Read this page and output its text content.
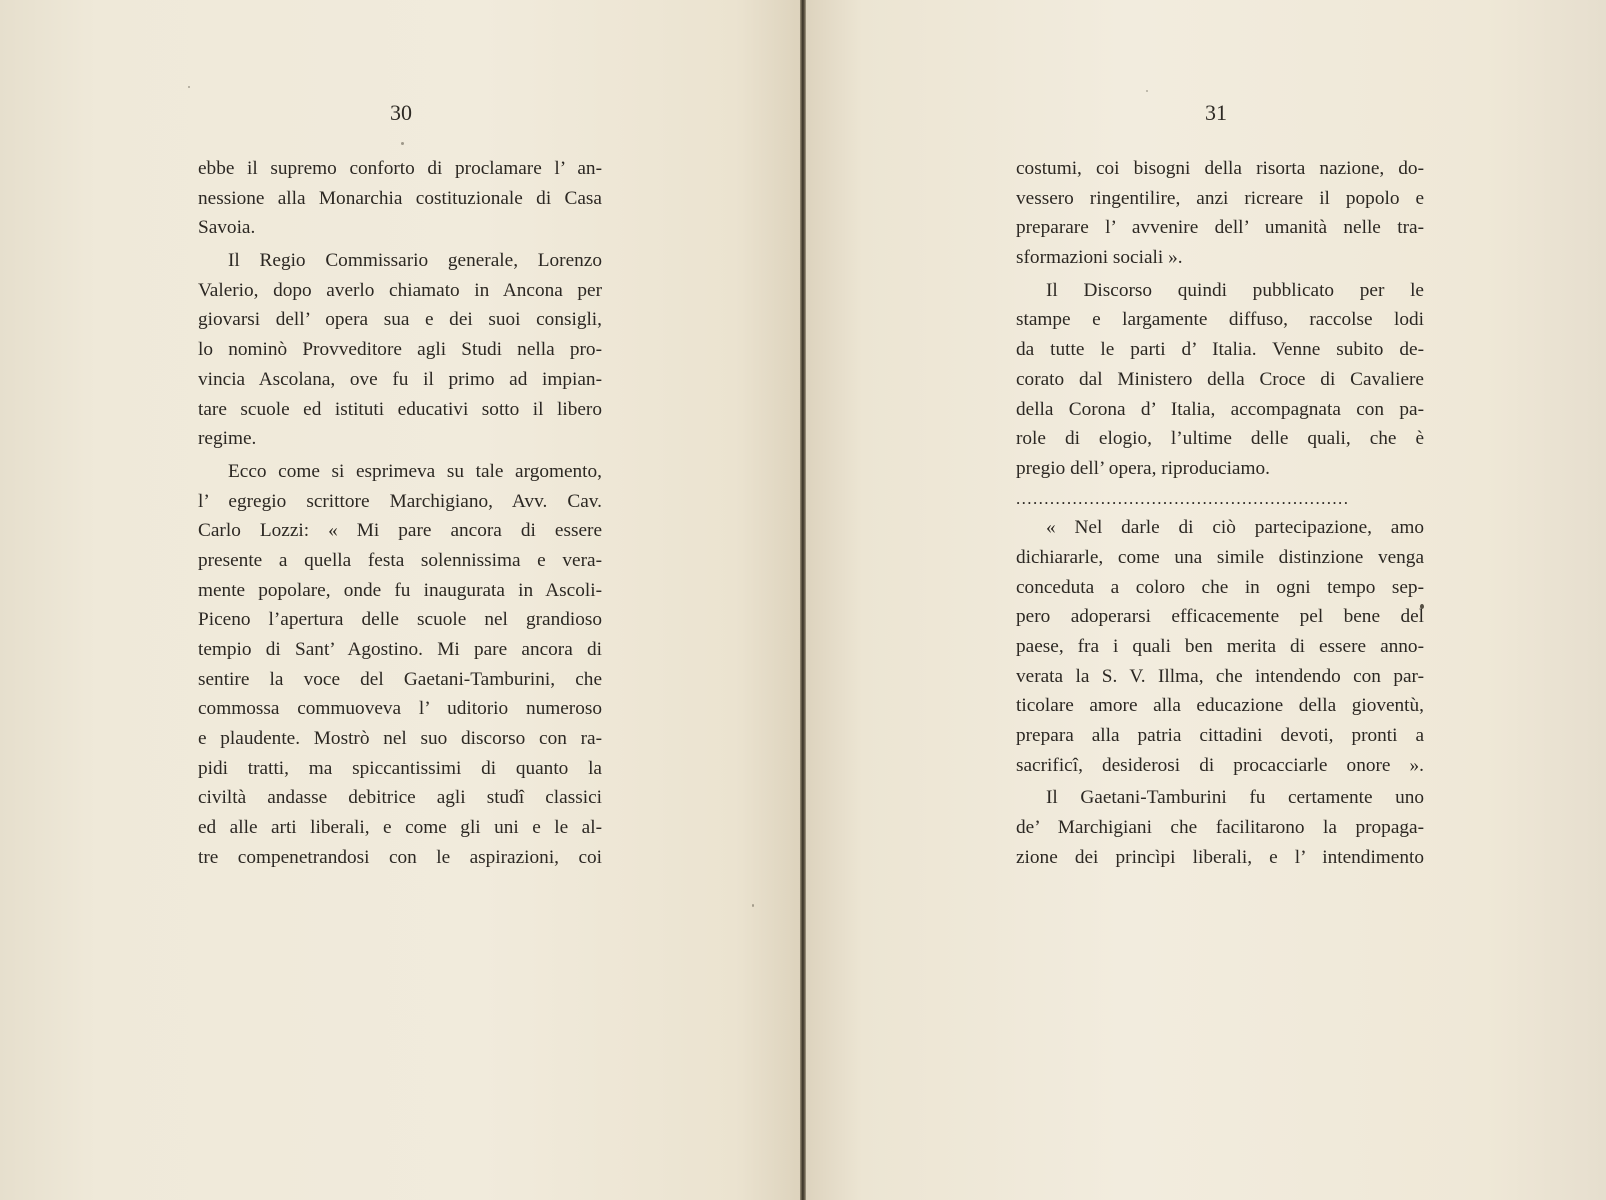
30
ebbe il supremo conforto di proclamare l’ an-
nessione alla Monarchia costituzionale di Casa
Savoia.
Il Regio Commissario generale, Lorenzo
Valerio, dopo averlo chiamato in Ancona per
giovarsi dell’ opera sua e dei suoi consigli,
lo nominò Provveditore agli Studi nella pro-
vincia Ascolana, ove fu il primo ad impian-
tare scuole ed istituti educativi sotto il libero
regime.
Ecco come si esprimeva su tale argomento,
l’ egregio scrittore Marchigiano, Avv. Cav.
Carlo Lozzi: « Mi pare ancora di essere
presente a quella festa solennissima e vera-
mente popolare, onde fu inaugurata in Ascoli-
Piceno l’apertura delle scuole nel grandioso
tempio di Sant’ Agostino. Mi pare ancora di
sentire la voce del Gaetani-Tamburini, che
commossa commuoveva l’ uditorio numeroso
e plaudente. Mostrò nel suo discorso con ra-
pidi tratti, ma spiccantissimi di quanto la
civiltà andasse debitrice agli studî classici
ed alle arti liberali, e come gli uni e le al-
tre compenetrandosi con le aspirazioni, coi
31
costumi, coi bisogni della risorta nazione, do-
vessero ringentilire, anzi ricreare il popolo e
preparare l’ avvenire dell’ umanità nelle tra-
sformazioni sociali ».
Il Discorso quindi pubblicato per le
stampe e largamente diffuso, raccolse lodi
da tutte le parti d’ Italia. Venne subito de-
corato dal Ministero della Croce di Cavaliere
della Corona d’ Italia, accompagnata con pa-
role di elogio, l’ultime delle quali, che è
pregio dell’ opera, riproduciamo.
...........................................................
« Nel darle di ciò partecipazione, amo
dichiararle, come una simile distinzione venga
conceduta a coloro che in ogni tempo sep-
pero adoperarsi efficacemente pel bene del
paese, fra i quali ben merita di essere anno-
verata la S. V. Illma, che intendendo con par-
ticolare amore alla educazione della gioventù,
prepara alla patria cittadini devoti, pronti a
sacrificî, desiderosi di procacciarle onore ».
Il Gaetani-Tamburini fu certamente uno
de’ Marchigiani che facilitarono la propaga-
zione dei princìpi liberali, e l’ intendimento
